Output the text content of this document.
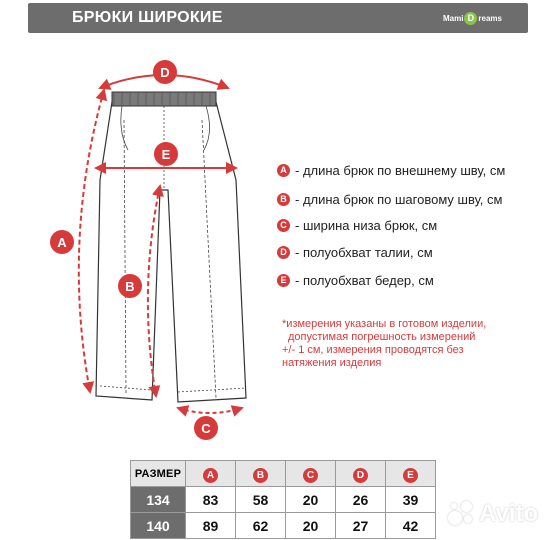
БРЮКИ ШИРОКИЕ	Mami D reams
D
E
A
B
C
A - длина брюк по внешнему шву, см
B - длина брюк по шаговому шву, см
C - ширина низа брюк, см
D - полуобхват талии, см
E - полуобхват бедер, см
*измерения указаны в готовом изделии,
допустимая погрешность измерений
+/- 1 см, измерения проводятся без
натяжения изделия
РАЗМЕР	A	B	C	D	E
134	83	58	20	26	39
140	89	62	20	27	42	Avito
